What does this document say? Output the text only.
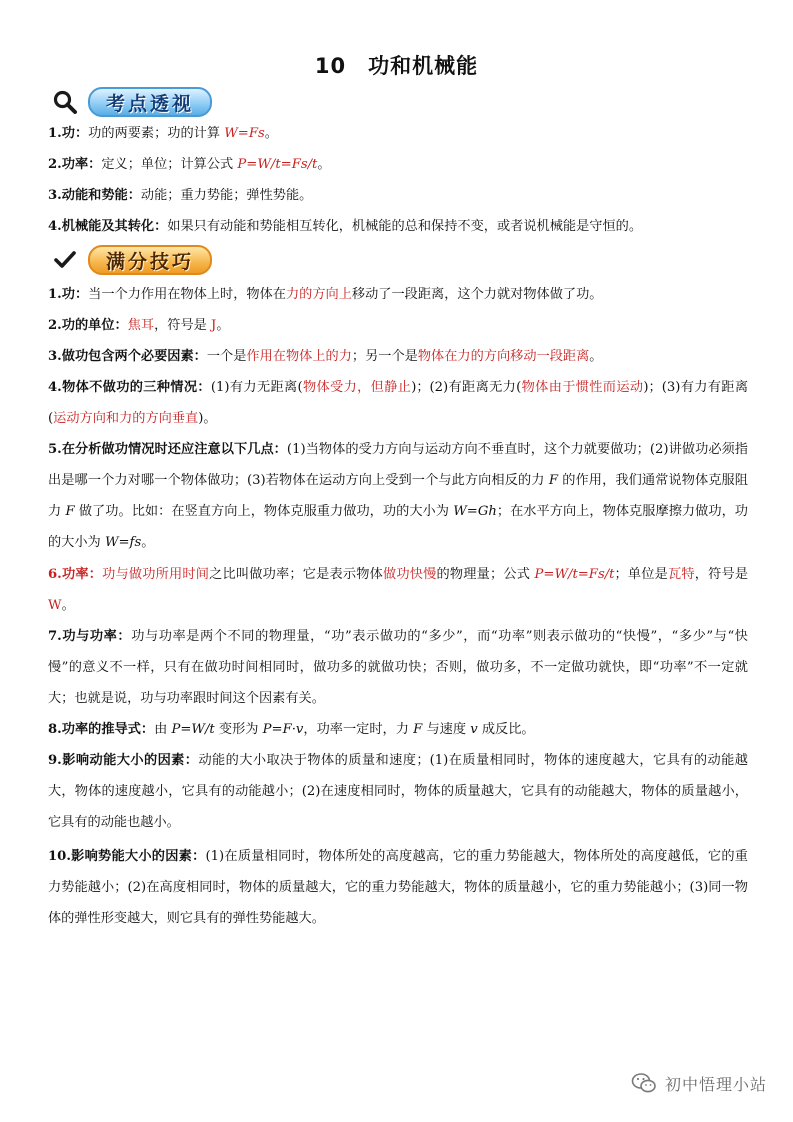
10　功和机械能
考点透视
1.功：功的两要素；功的计算 W=Fs。
2.功率：定义；单位；计算公式 P=W/t=Fs/t。
3.动能和势能：动能；重力势能；弹性势能。
4.机械能及其转化：如果只有动能和势能相互转化，机械能的总和保持不变，或者说机械能是守恒的。
满分技巧
1.功：当一个力作用在物体上时，物体在力的方向上移动了一段距离，这个力就对物体做了功。
2.功的单位：焦耳，符号是 J。
3.做功包含两个必要因素：一个是作用在物体上的力；另一个是物体在力的方向移动一段距离。
4.物体不做功的三种情况：(1)有力无距离(物体受力，但静止)；(2)有距离无力(物体由于惯性而运动)；(3)有力有距离(运动方向和力的方向垂直)。
5.在分析做功情况时还应注意以下几点：(1)当物体的受力方向与运动方向不垂直时，这个力就要做功；(2)讲做功必须指出是哪一个力对哪一个物体做功；(3)若物体在运动方向上受到一个与此方向相反的力 F 的作用，我们通常说物体克服阻力 F 做了功。比如：在竖直方向上，物体克服重力做功，功的大小为 W=Gh；在水平方向上，物体克服摩擦力做功，功的大小为 W=fs。
6.功率：功与做功所用时间之比叫做功率；它是表示物体做功快慢的物理量；公式 P=W/t=Fs/t；单位是瓦特，符号是 W。
7.功与功率：功与功率是两个不同的物理量，“功”表示做功的“多少”，而“功率”则表示做功的“快慢”，“多少”与“快慢”的意义不一样，只有在做功时间相同时，做功多的就做功快；否则，做功多，不一定做功就快，即“功率”不一定就大；也就是说，功与功率跟时间这个因素有关。
8.功率的推导式：由 P=W/t 变形为 P=F·v，功率一定时，力 F 与速度 v 成反比。
9.影响动能大小的因素：动能的大小取决于物体的质量和速度；(1)在质量相同时，物体的速度越大，它具有的动能越大，物体的速度越小，它具有的动能越小；(2)在速度相同时，物体的质量越大，它具有的动能越大，物体的质量越小，它具有的动能也越小。
10.影响势能大小的因素：(1)在质量相同时，物体所处的高度越高，它的重力势能越大，物体所处的高度越低，它的重力势能越小；(2)在高度相同时，物体的质量越大，它的重力势能越大，物体的质量越小，它的重力势能越小；(3)同一物体的弹性形变越大，则它具有的弹性势能越大。
初中悟理小站
